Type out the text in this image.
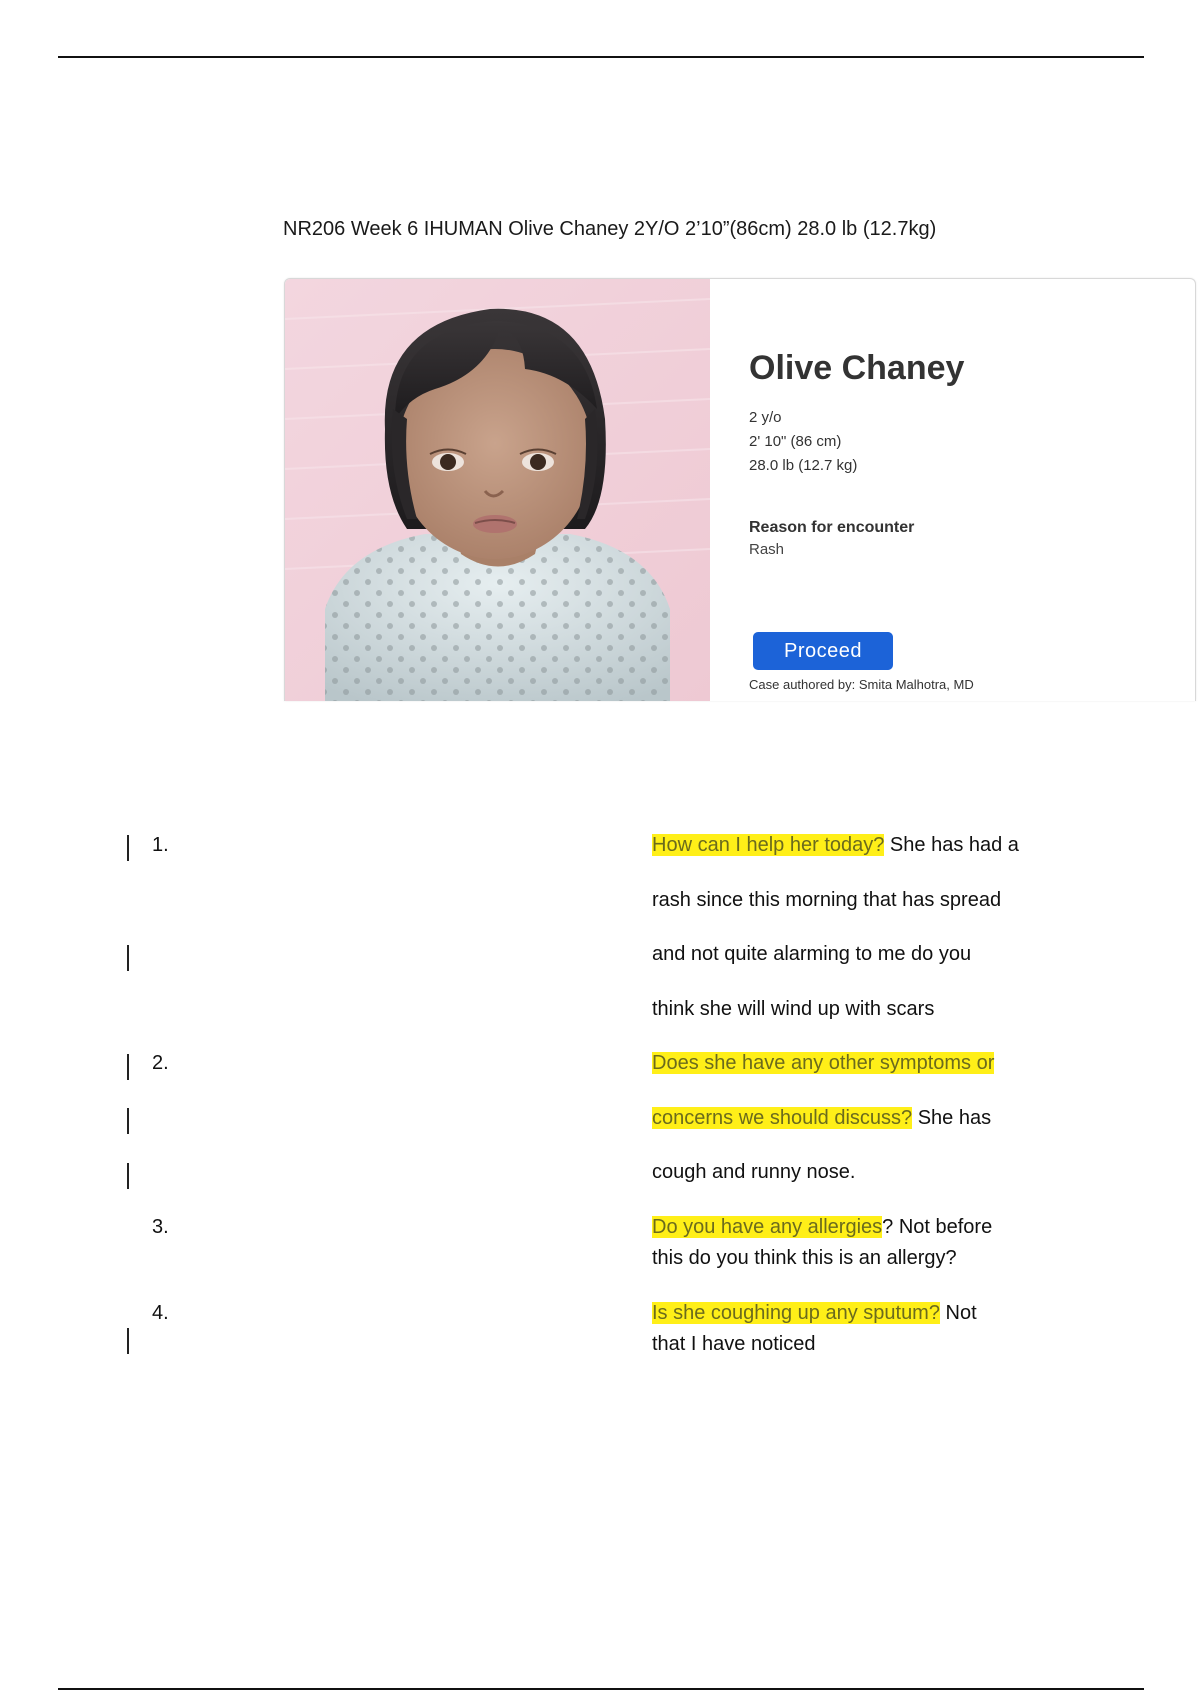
NR206 Week 6 IHUMAN Olive Chaney 2Y/O 2’10”(86cm) 28.0 lb (12.7kg)
Olive Chaney
2 y/o
2' 10" (86 cm)
28.0 lb (12.7 kg)
Reason for encounter
Rash
Proceed
Case authored by: Smita Malhotra, MD
1.	How can I help her today? She has had a

rash since this morning that has spread

and not quite alarming to me do you

think she will wind up with scars

2.	Does she have any other symptoms or

concerns we should discuss? She has

cough and runny nose.

3.	Do you have any allergies? Not before

this do you think this is an allergy?

4.	Is she coughing up any sputum? Not

that I have noticed
